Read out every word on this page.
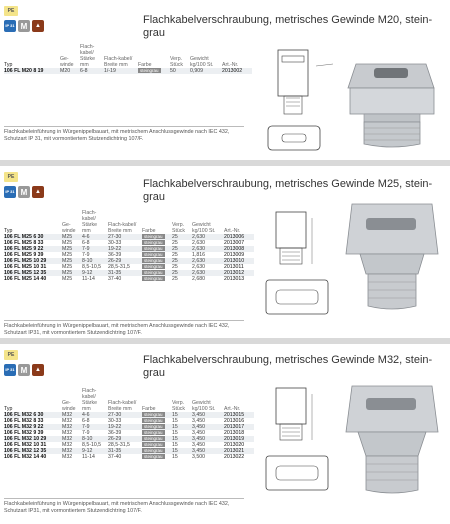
PE
IP 31 M	▲	Flachkabelverschraubung, metrisches Gewinde M20, stein-grau
Typ	Ge-winde	Flach-kabel/ Stärke mm	Flach-kabel/ Breite mm	Farbe	Verp. Stück	Gewicht kg/100 St.	Art.-Nr.
106 FL M20 8 19	M20	6-8	1/-19	steingrau	50	0,909	2013002
Flachkabeleinführung in Würgenippelbauart, mit metrischem Anschlussgewinde nach IEC 432, Schutzart IP 31, mit vormontiertem Stutzendichtring 107/F.
PE
IP 31 M	▲
Flachkabelverschraubung, metrisches Gewinde M25, stein-grau
Typ	Ge-winde	Flach-kabel/ Stärke mm	Flach-kabel/ Breite mm	Farbe	Verp. Stück	Gewicht kg/100 St.	Art.-Nr.
106 FL M25 6 30	M25	4-6	27-30	steingrau	25	2,630	2013006
106 FL M25 8 33	M25	6-8	30-33	steingrau	25	2,630	2013007
106 FL M25 9 22	M25	7-9	19-22	steingrau	25	2,630	2013008
106 FL M25 9 39	M25	7-9	36-39	steingrau	25	1,816	2013009
106 FL M25 10 29	M25	8-10	26-29	steingrau	25	2,630	2013010
106 FL M25 10 31	M25	8,5-10,5	28,5-31,5	steingrau	25	2,630	2013011
106 FL M25 12 35	M25	9-12	31-35	steingrau	25	2,630	2013012
106 FL M25 14 40	M25	11-14	37-40	steingrau	25	2,680	2013013
Flachkabeleinführung in Würgenippelbauart, mit metrischem Anschlussgewinde nach IEC 432, Schutzart IP31, mit vormontiertem Stutzendichtring 107/F.
PE
IP 31 M	▲
Flachkabelverschraubung, metrisches Gewinde M32, stein-grau
Typ	Ge-winde	Flach-kabel/ Stärke mm	Flach-kabel/ Breite mm	Farbe	Verp. Stück	Gewicht kg/100 St.	Art.-Nr.
106 FL M32 6 30	M32	4-6	27-30	steingrau	15	3,450	2013015
106 FL M32 8 33	M32	6-8	30-33	steingrau	15	3,450	2013016
106 FL M32 9 22	M32	7-9	19-22	steingrau	15	3,450	2013017
106 FL M32 9 39	M32	7-9	36-39	steingrau	15	3,450	2013018
106 FL M32 10 29	M32	8-10	26-29	steingrau	15	3,450	2013019
106 FL M32 10 31	M32	8,5-10,5	28,5-31,5	steingrau	15	3,450	2013020
106 FL M32 12 35	M32	9-12	31-35	steingrau	15	3,450	2013021
106 FL M32 14 40	M32	11-14	37-40	steingrau	15	3,500	2013022
Flachkabeleinführung in Würgenippelbauart, mit metrischem Anschlussgewinde nach IEC 432, Schutzart IP31, mit vormontiertem Stutzendichtring 107/F.
